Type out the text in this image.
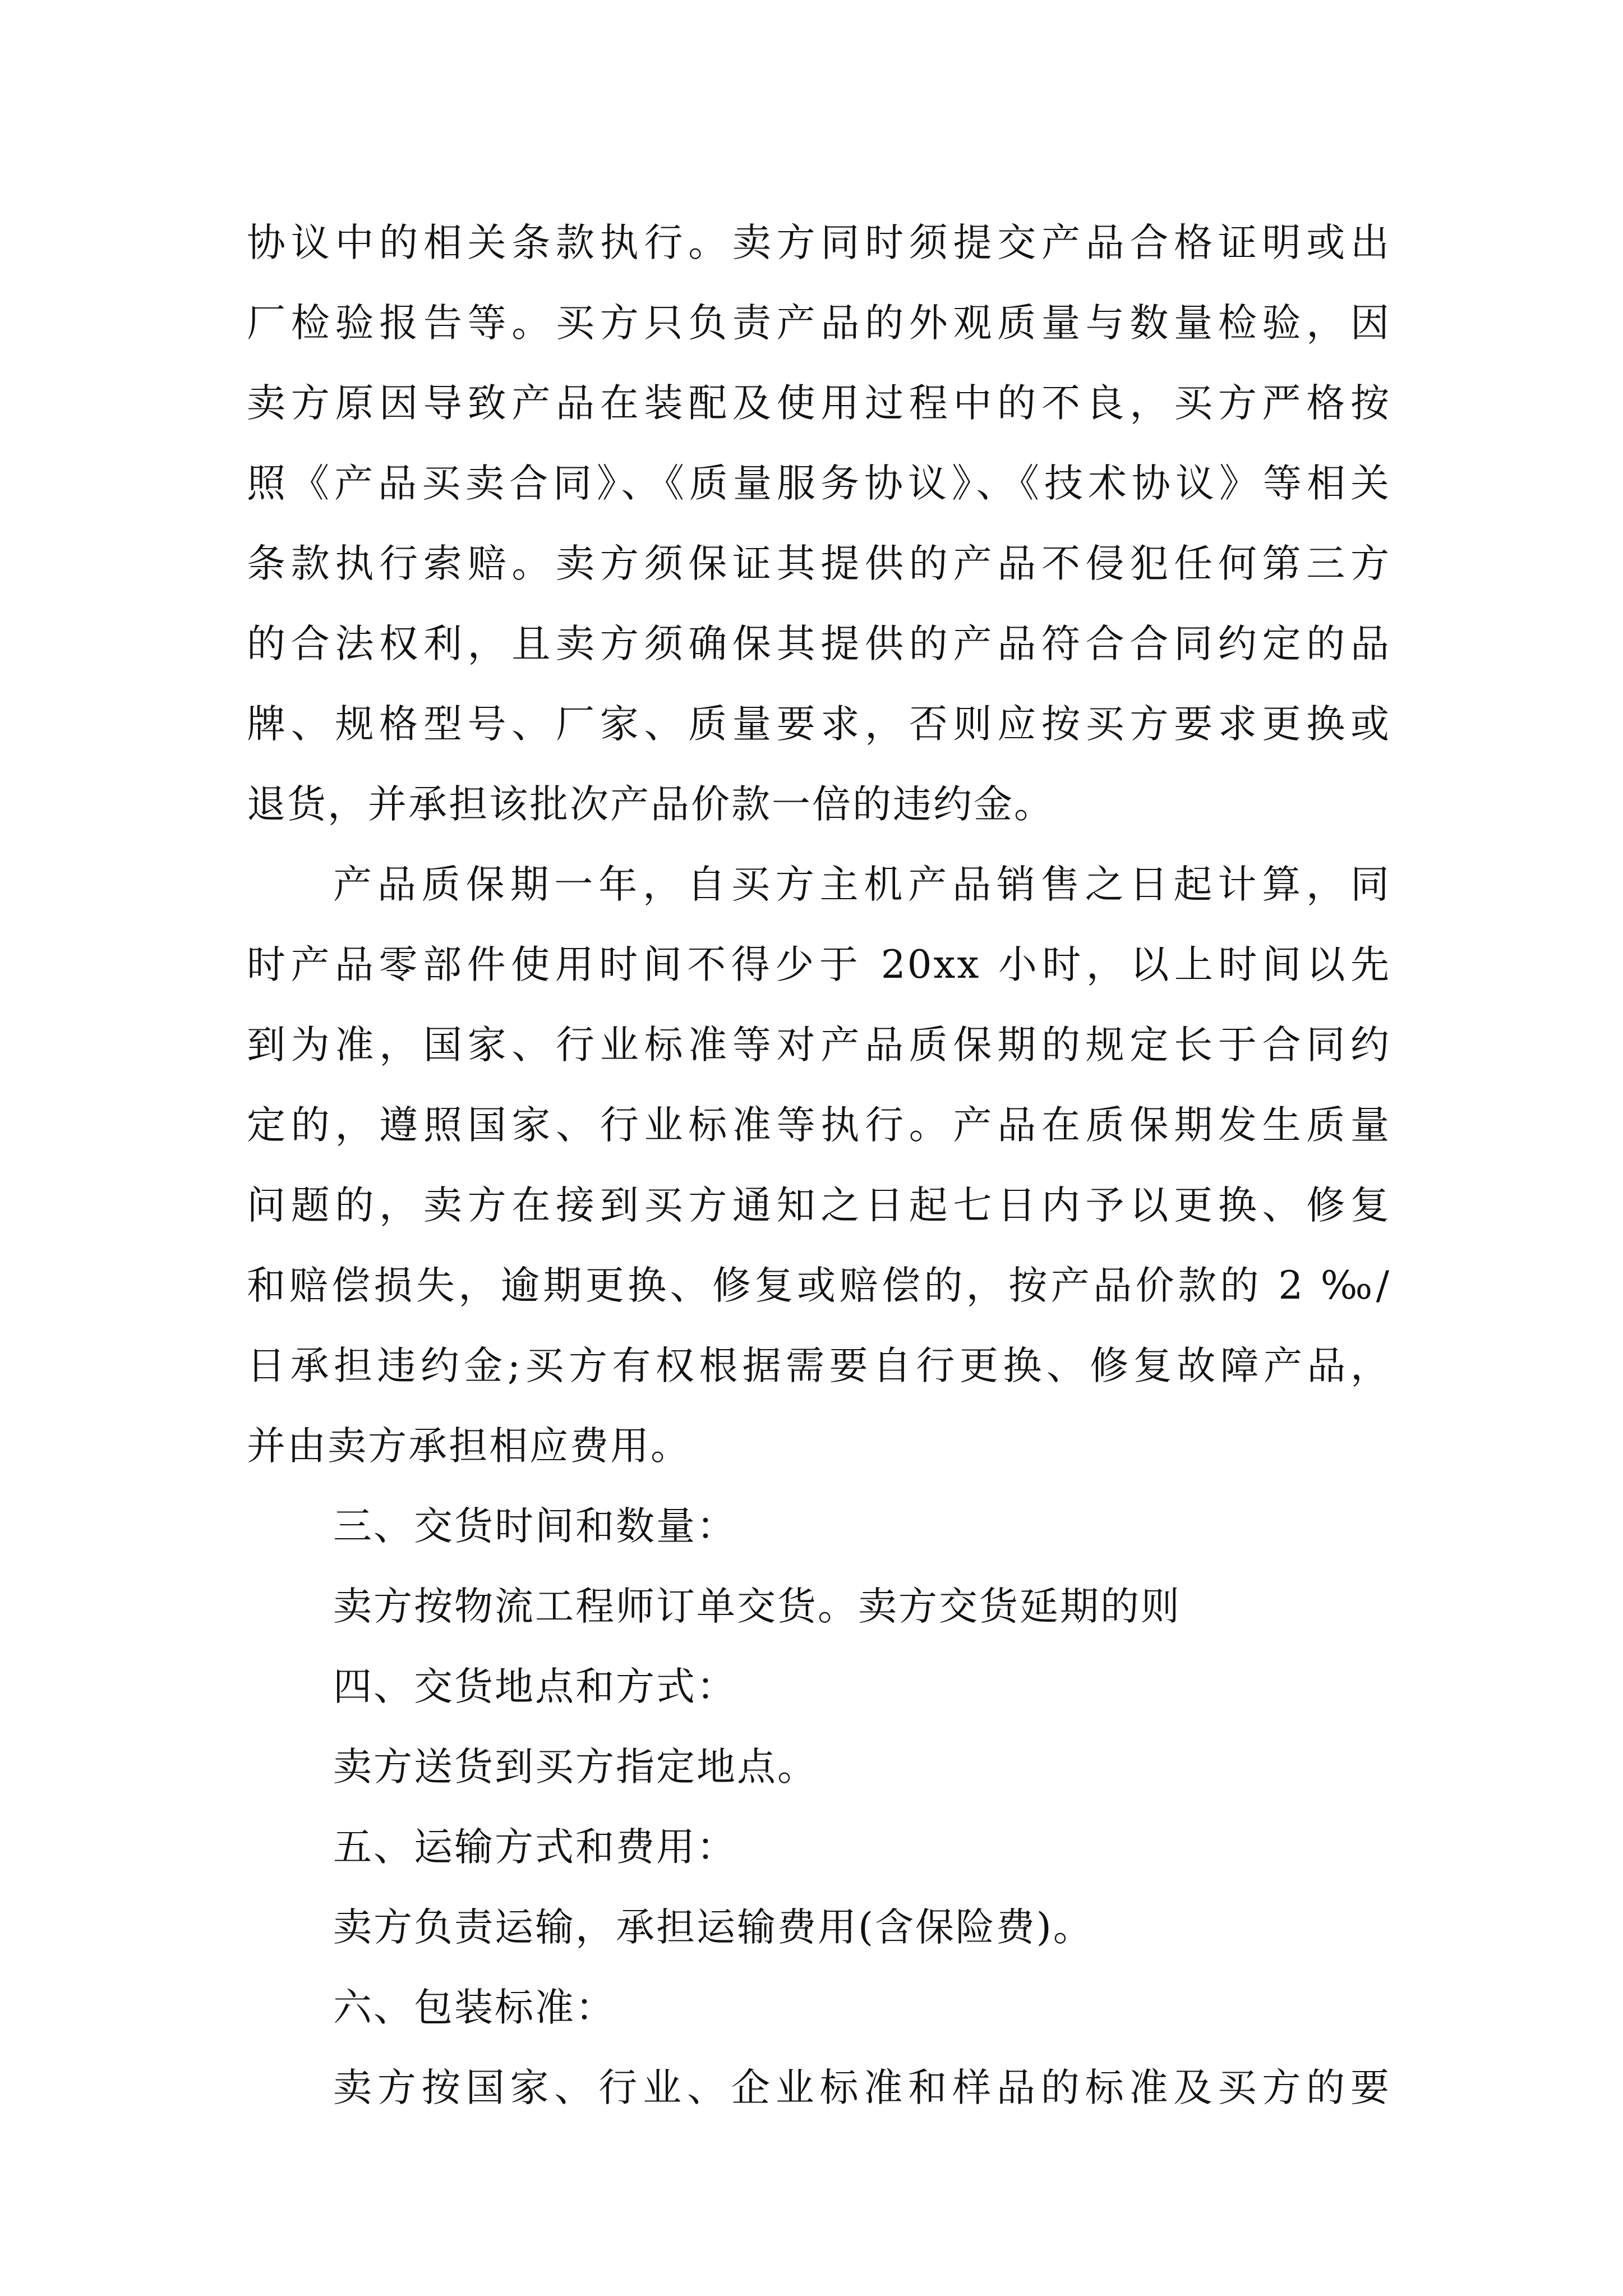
协议中的相关条款执行。卖方同时须提交产品合格证明或出
厂检验报告等。买方只负责产品的外观质量与数量检验，因
卖方原因导致产品在装配及使用过程中的不良，买方严格按
照《产品买卖合同》、《质量服务协议》、《技术协议》等相关
条款执行索赔。卖方须保证其提供的产品不侵犯任何第三方
的合法权利，且卖方须确保其提供的产品符合合同约定的品
牌、规格型号、厂家、质量要求，否则应按买方要求更换或
退货，并承担该批次产品价款一倍的违约金。
产品质保期一年，自买方主机产品销售之日起计算，同
时产品零部件使用时间不得少于 20xx 小时，以上时间以先
到为准，国家、行业标准等对产品质保期的规定长于合同约
定的，遵照国家、行业标准等执行。产品在质保期发生质量
问题的，卖方在接到买方通知之日起七日内予以更换、修复
和赔偿损失，逾期更换、修复或赔偿的，按产品价款的 2 ‰/
日承担违约金;买方有权根据需要自行更换、修复故障产品，
并由卖方承担相应费用。
三、交货时间和数量：
卖方按物流工程师订单交货。卖方交货延期的则
四、交货地点和方式：
卖方送货到买方指定地点。
五、运输方式和费用：
卖方负责运输，承担运输费用(含保险费)。
六、包装标准：
卖方按国家、行业、企业标准和样品的标准及买方的要
